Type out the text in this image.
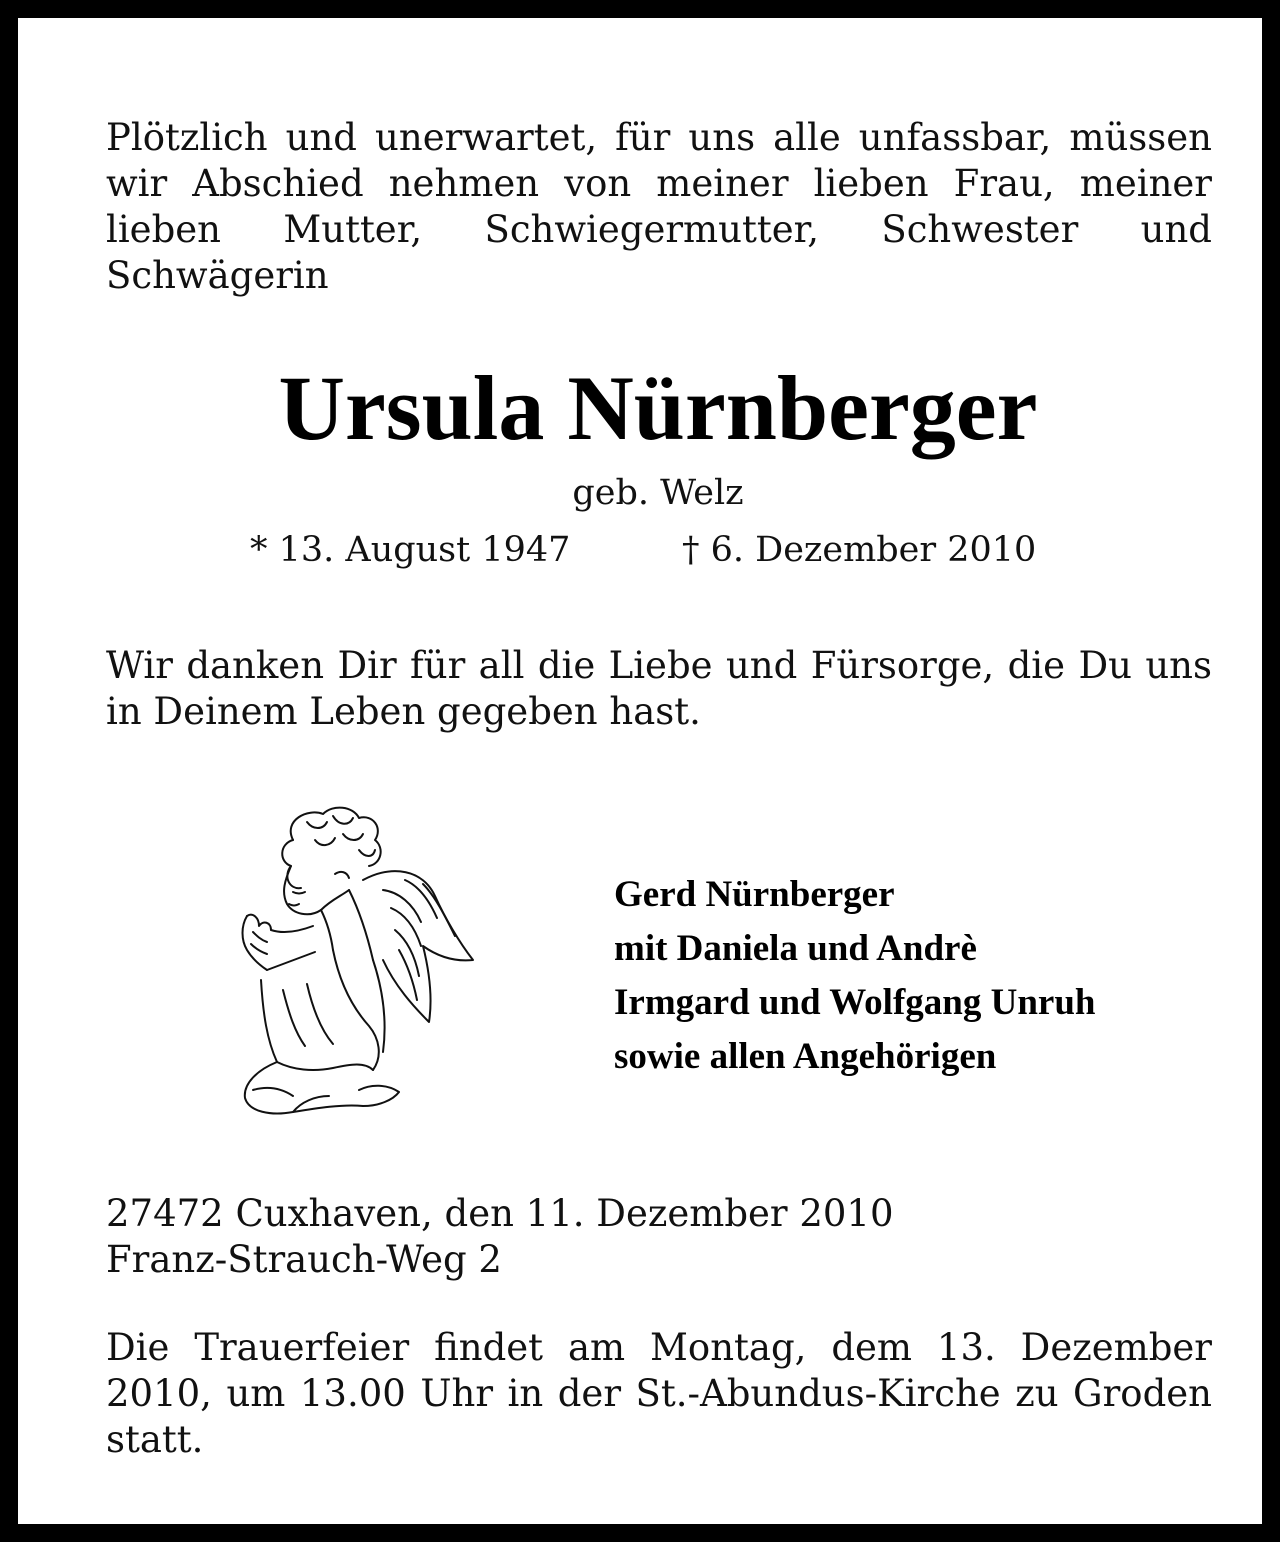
Plötzlich und unerwartet, für uns alle unfassbar, müssen wir Abschied nehmen von meiner lieben Frau, meiner lieben Mutter, Schwiegermutter, Schwester und Schwägerin
Ursula Nürnberger
geb. Welz
* 13. August 1947	† 6. Dezember 2010
Wir danken Dir für all die Liebe und Fürsorge, die Du uns in Deinem Leben gegeben hast.
Gerd Nürnberger
mit Daniela und Andrè
Irmgard und Wolfgang Unruh
sowie allen Angehörigen
27472 Cuxhaven, den 11. Dezember 2010
Franz-Strauch-Weg 2
Die Trauerfeier findet am Montag, dem 13. Dezember 2010, um 13.00 Uhr in der St.-Abundus-Kirche zu Groden statt.
